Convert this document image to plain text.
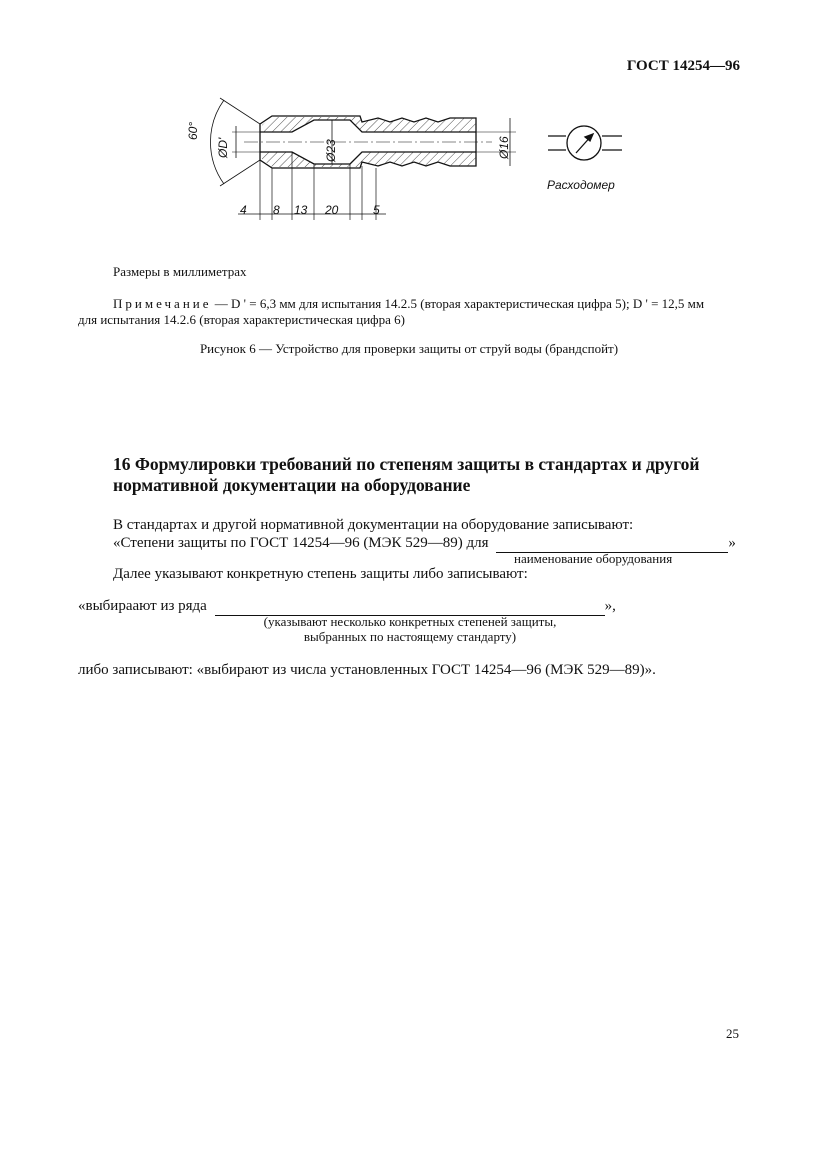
ГОСТ 14254—96
60°
ØD'	Ø23	Ø16
4 8 13 20	5
Расходомер
Размеры в миллиметрах
Примечание — D ' = 6,3 мм для испытания 14.2.5 (вторая характеристическая цифра 5); D ' = 12,5 мм
для испытания 14.2.6 (вторая характеристическая цифра 6)
Рисунок 6 — Устройство для проверки защиты от струй воды (брандспойт)
16 Формулировки требований по степеням защиты в стандартах и другой
нормативной документации на оборудование
В стандартах и другой нормативной документации на оборудование записывают:
«Степени защиты по ГОСТ 14254—96 (МЭК 529—89) для	»
наименование оборудования
Далее указывают конкретную степень защиты либо записывают:
«выбираают из ряда	»,
(указывают несколько конкретных степеней защиты,
выбранных по настоящему стандарту)
либо записывают: «выбирают из числа установленных ГОСТ 14254—96 (МЭК 529—89)».
25
